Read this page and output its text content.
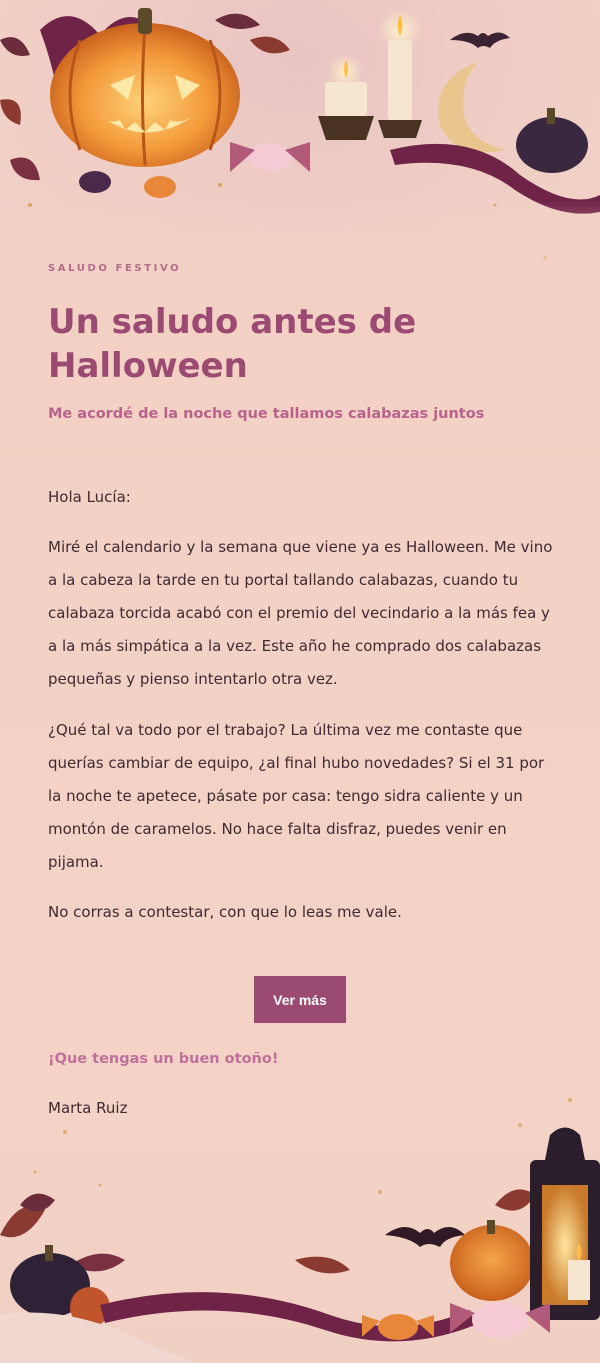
SALUDO FESTIVO
Un saludo antes de Halloween
Me acordé de la noche que tallamos calabazas juntos
Hola Lucía:

Miré el calendario y la semana que viene ya es Halloween. Me vino a la cabeza la tarde en tu portal tallando calabazas, cuando tu calabaza torcida acabó con el premio del vecindario a la más fea y a la más simpática a la vez. Este año he comprado dos calabazas pequeñas y pienso intentarlo otra vez.

¿Qué tal va todo por el trabajo? La última vez me contaste que querías cambiar de equipo, ¿al final hubo novedades? Si el 31 por la noche te apetece, pásate por casa: tengo sidra caliente y un montón de caramelos. No hace falta disfraz, puedes venir en pijama.

No corras a contestar, con que lo leas me vale.

Ver más
¡Que tengas un buen otoño!
Marta Ruiz
